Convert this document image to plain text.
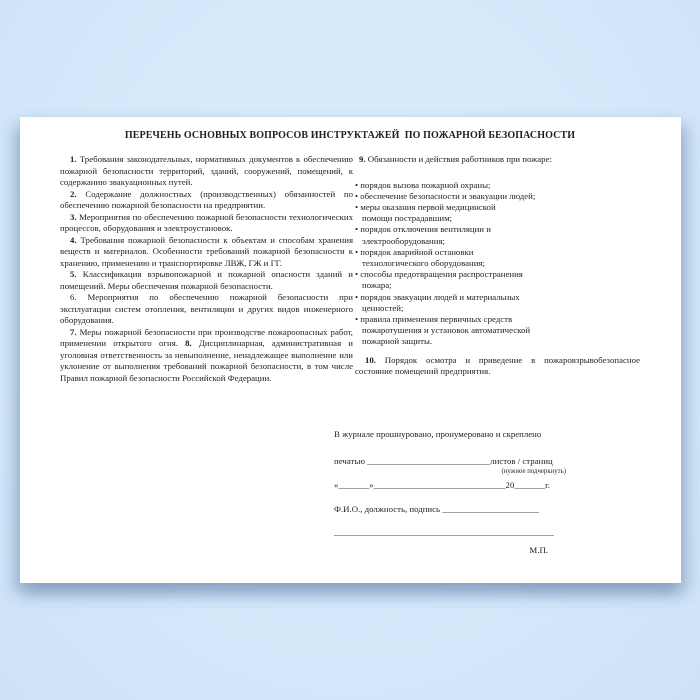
ПЕРЕЧЕНЬ ОСНОВНЫХ ВОПРОСОВ ИНСТРУКТАЖЕЙ  ПО ПОЖАРНОЙ БЕЗОПАСНОСТИ

1. Требования законодательных, нормативных документов к обеспечению пожарной безопасности территорий, зданий, сооружений, помещений, к содержанию эвакуационных путей.

2. Содержание должностных (производственных) обязанностей по обеспечению пожарной безопасности на предприятии.

3. Мероприятия по обеспечению пожарной безопасности технологических процессов, оборудования и электроустановок.

4. Требования пожарной безопасности к объектам и способам хранения веществ и материалов. Особенности требований пожарной безопасности к хранению, применению и транспортировке ЛВЖ, ГЖ и ГГ.

5. Классификация взрывопожарной и пожарной опасности зданий и помещений. Меры обеспечения пожарной безопасности.

6. Мероприятия по обеспечению пожарной безопасности при эксплуатации систем отопления, вентиляции и других видов инженерного оборудования.

7. Меры пожарной безопасности при производстве пожароопасных работ, применении открытого огня. 8. Дисциплинарная, административная и уголовная ответственность за невыполнение, ненадлежащее выполнение или уклонение от выполнения требований пожарной безопасности, в том числе Правил пожарной безопасности Российской Федерации.

9. Обязанности и действия работников при пожаре:

• порядок вызова пожарной охраны;
• обеспечение безопасности и эвакуации людей;
• меры оказания первой медицинской
помощи пострадавшим;
• порядок отключения вентиляции и
электрооборудования;
• порядок аварийной остановки
технологического оборудования;
• способы предотвращения распространения
пожара;
• порядок эвакуации людей и материальных
ценностей;
• правила применения первичных средств
пожаротушения и установок автоматической
пожарной защиты.

10. Порядок осмотра и приведение в пожаровзрывобезопасное состояние помещений предприятия.

В журнале прошнуровано, пронумеровано и скреплено

печатью ____________________________листов / страниц

(нужное подчеркнуть)

«_______»______________________________20_______г.

Ф.И.О., должность, подпись ______________________

__________________________________________________

М.П.
